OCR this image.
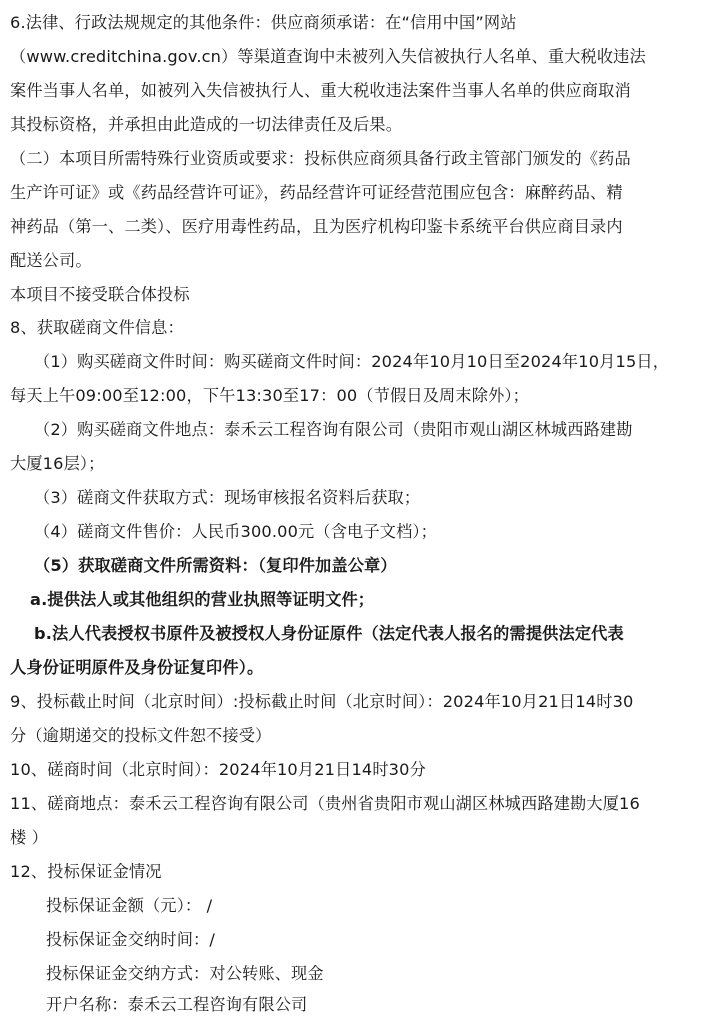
6.法律、行政法规规定的其他条件：供应商须承诺：在“信用中国”网站
（www.creditchina.gov.cn）等渠道查询中未被列入失信被执行人名单、重大税收违法
案件当事人名单，如被列入失信被执行人、重大税收违法案件当事人名单的供应商取消
其投标资格，并承担由此造成的一切法律责任及后果。
（二）本项目所需特殊行业资质或要求：投标供应商须具备行政主管部门颁发的《药品
生产许可证》或《药品经营许可证》，药品经营许可证经营范围应包含：麻醉药品、精
神药品（第一、二类）、医疗用毒性药品，且为医疗机构印鉴卡系统平台供应商目录内
配送公司。
本项目不接受联合体投标
8、获取磋商文件信息：
（1）购买磋商文件时间：购买磋商文件时间：2024年10月10日至2024年10月15日，
每天上午09:00至12:00，下午13:30至17：00（节假日及周末除外）；
（2）购买磋商文件地点：泰禾云工程咨询有限公司（贵阳市观山湖区林城西路建勘
大厦16层）；
（3）磋商文件获取方式：现场审核报名资料后获取；
（4）磋商文件售价：人民币300.00元（含电子文档）；
（5）获取磋商文件所需资料：（复印件加盖公章）
a.提供法人或其他组织的营业执照等证明文件；
b.法人代表授权书原件及被授权人身份证原件（法定代表人报名的需提供法定代表
人身份证明原件及身份证复印件）。
9、投标截止时间（北京时间）:投标截止时间（北京时间）：2024年10月21日14时30
分（逾期递交的投标文件恕不接受）
10、磋商时间（北京时间）：2024年10月21日14时30分
11、磋商地点：泰禾云工程咨询有限公司（贵州省贵阳市观山湖区林城西路建勘大厦16
楼 ）
12、投标保证金情况
投标保证金额（元）： /
投标保证金交纳时间：/
投标保证金交纳方式：对公转账、现金
开户名称：泰禾云工程咨询有限公司
